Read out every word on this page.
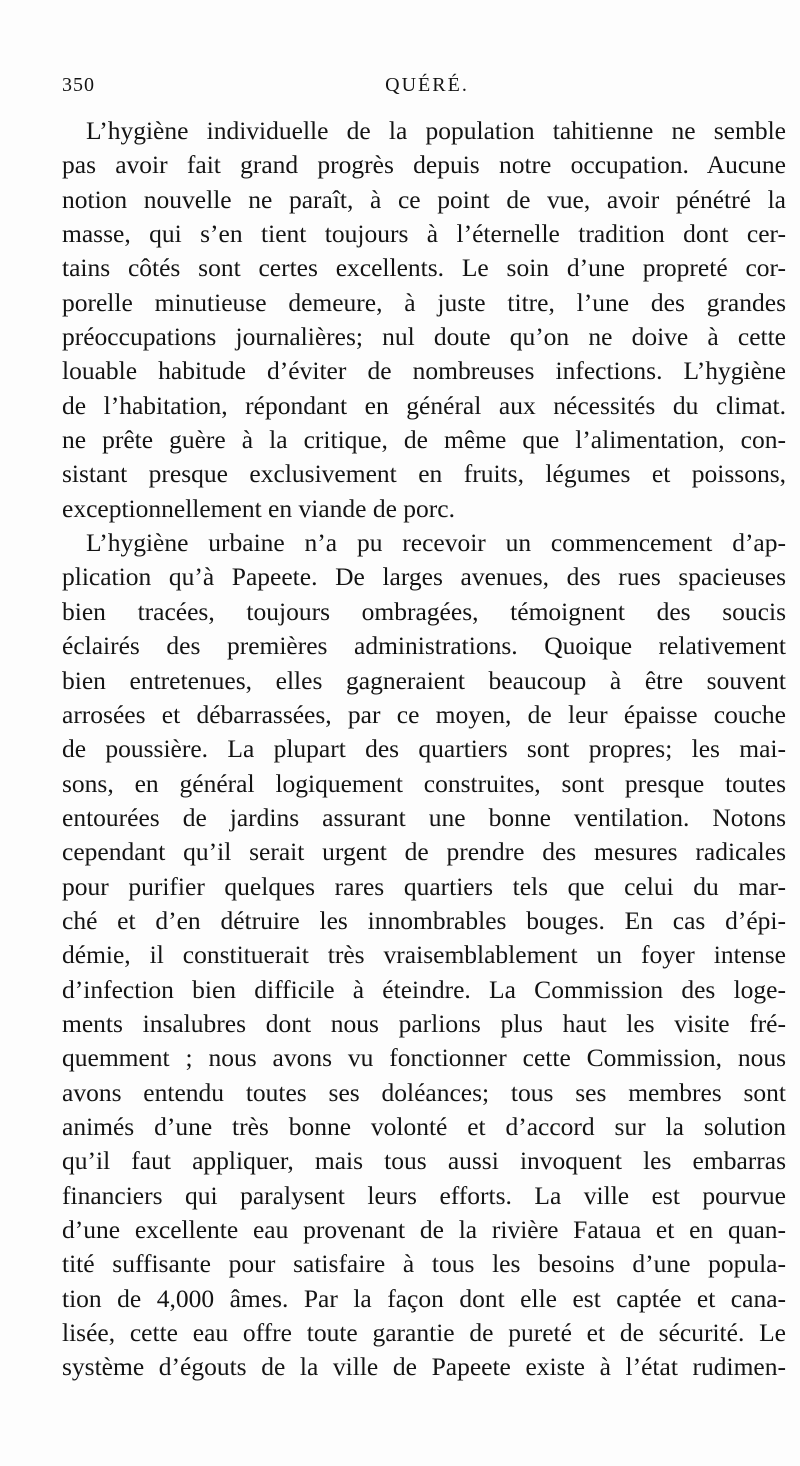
350	QUÉRÉ.
L’hygiène individuelle de la population tahitienne ne semble
pas avoir fait grand progrès depuis notre occupation. Aucune
notion nouvelle ne paraît, à ce point de vue, avoir pénétré la
masse, qui s’en tient toujours à l’éternelle tradition dont cer-
tains côtés sont certes excellents. Le soin d’une propreté cor-
porelle minutieuse demeure, à juste titre, l’une des grandes
préoccupations journalières; nul doute qu’on ne doive à cette
louable habitude d’éviter de nombreuses infections. L’hygiène
de l’habitation, répondant en général aux nécessités du climat.
ne prête guère à la critique, de même que l’alimentation, con-
sistant presque exclusivement en fruits, légumes et poissons,
exceptionnellement en viande de porc.
L’hygiène urbaine n’a pu recevoir un commencement d’ap-
plication qu’à Papeete. De larges avenues, des rues spacieuses
bien tracées, toujours ombragées, témoignent des soucis
éclairés des premières administrations. Quoique relativement
bien entretenues, elles gagneraient beaucoup à être souvent
arrosées et débarrassées, par ce moyen, de leur épaisse couche
de poussière. La plupart des quartiers sont propres; les mai-
sons, en général logiquement construites, sont presque toutes
entourées de jardins assurant une bonne ventilation. Notons
cependant qu’il serait urgent de prendre des mesures radicales
pour purifier quelques rares quartiers tels que celui du mar-
ché et d’en détruire les innombrables bouges. En cas d’épi-
démie, il constituerait très vraisemblablement un foyer intense
d’infection bien difficile à éteindre. La Commission des loge-
ments insalubres dont nous parlions plus haut les visite fré-
quemment ; nous avons vu fonctionner cette Commission, nous
avons entendu toutes ses doléances; tous ses membres sont
animés d’une très bonne volonté et d’accord sur la solution
qu’il faut appliquer, mais tous aussi invoquent les embarras
financiers qui paralysent leurs efforts. La ville est pourvue
d’une excellente eau provenant de la rivière Fataua et en quan-
tité suffisante pour satisfaire à tous les besoins d’une popula-
tion de 4,000 âmes. Par la façon dont elle est captée et cana-
lisée, cette eau offre toute garantie de pureté et de sécurité. Le
système d’égouts de la ville de Papeete existe à l’état rudimen-
